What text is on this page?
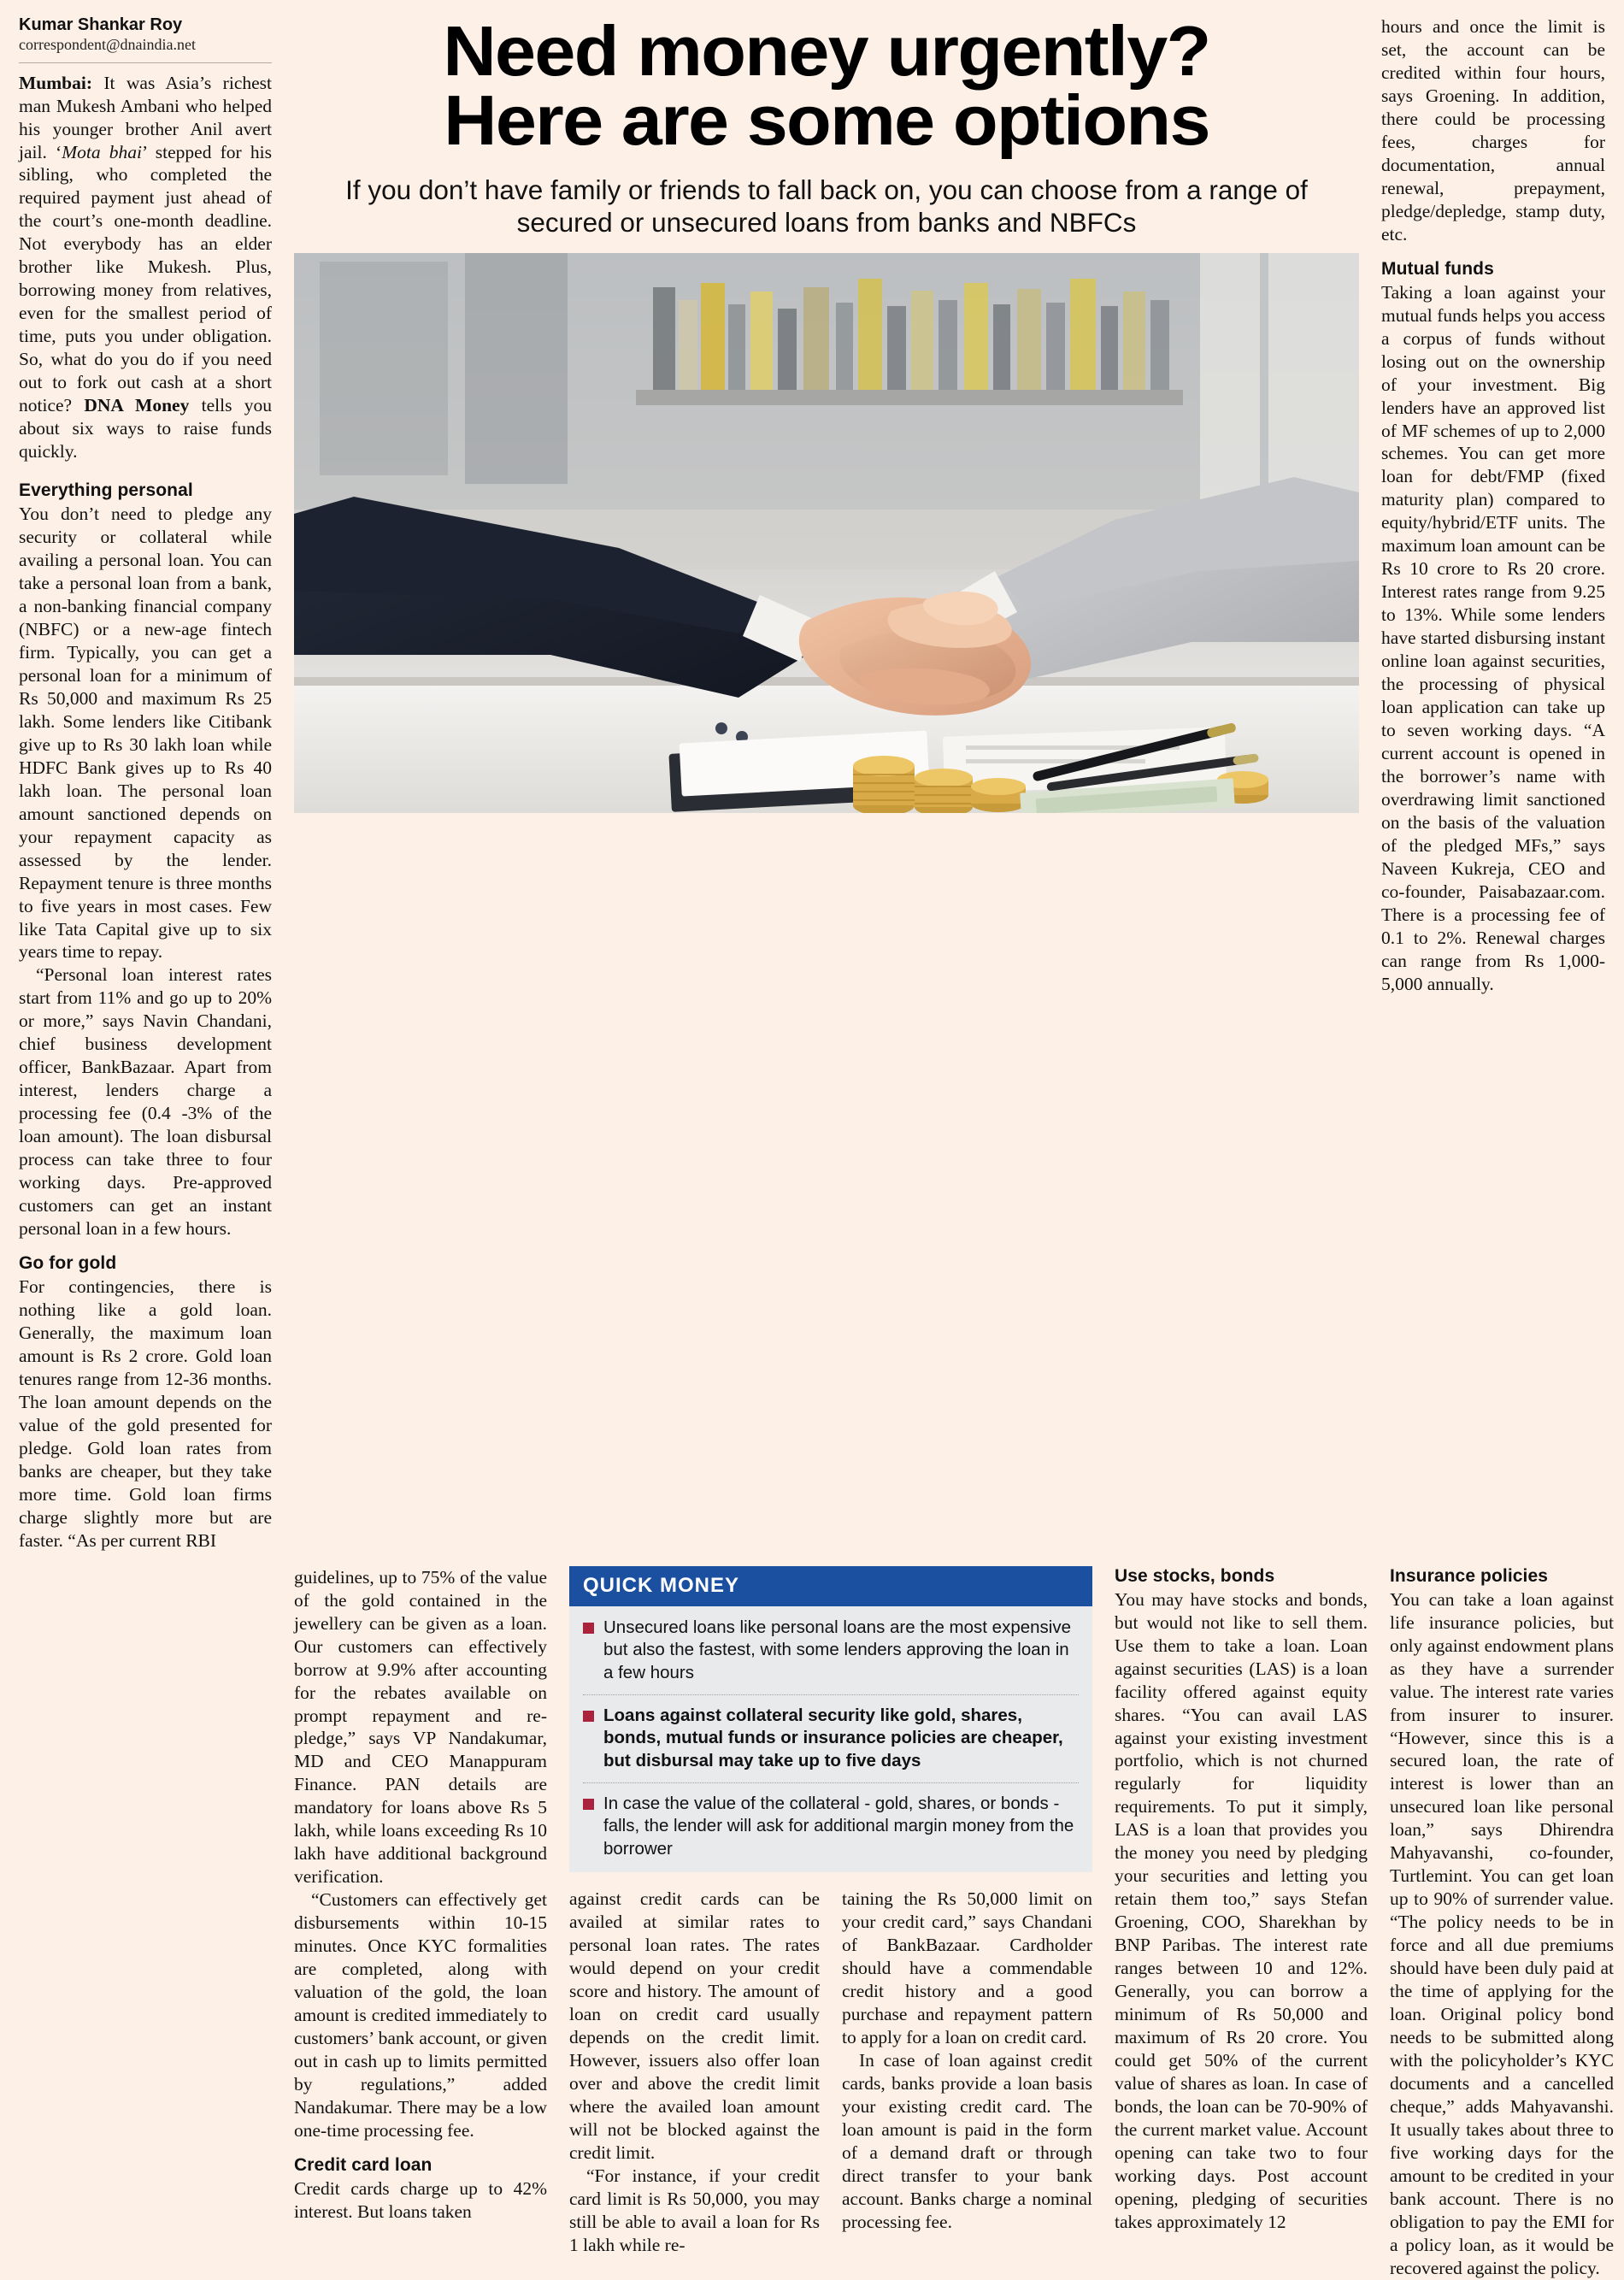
Kumar Shankar Roy
correspondent@dnaindia.net

Mumbai: It was Asia’s richest man Mukesh Ambani who helped his younger brother Anil avert jail. ‘Mota bhai’ stepped for his sibling, who completed the required payment just ahead of the court’s one-month deadline. Not everybody has an elder brother like Mukesh. Plus, borrowing money from relatives, even for the smallest period of time, puts you under obligation. So, what do you do if you need out to fork out cash at a short notice? DNA Money tells you about six ways to raise funds quickly.

Everything personal

You don’t need to pledge any security or collateral while availing a personal loan. You can take a personal loan from a bank, a non-banking financial company (NBFC) or a new-age fintech firm. Typically, you can get a personal loan for a minimum of Rs 50,000 and maximum Rs 25 lakh. Some lenders like Citibank give up to Rs 30 lakh loan while HDFC Bank gives up to Rs 40 lakh loan. The personal loan amount sanctioned depends on your repayment capacity as assessed by the lender. Repayment tenure is three months to five years in most cases. Few like Tata Capital give up to six years time to repay.

“Personal loan interest rates start from 11% and go up to 20% or more,” says Navin Chandani, chief business development officer, BankBazaar. Apart from interest, lenders charge a processing fee (0.4 -3% of the loan amount). The loan disbursal process can take three to four working days. Pre-approved customers can get an instant personal loan in a few hours.

Go for gold

For contingencies, there is nothing like a gold loan. Generally, the maximum loan amount is Rs 2 crore. Gold loan tenures range from 12-36 months. The loan amount depends on the value of the gold presented for pledge. Gold loan rates from banks are cheaper, but they take more time. Gold loan firms charge slightly more but are faster. “As per current RBI

Need money urgently?
Here are some options
If you don’t have family or friends to fall back on, you can choose from a range of secured or unsecured loans from banks and NBFCs

hours and once the limit is set, the account can be credited within four hours, says Groening. In addition, there could be processing fees, charges for documentation, annual renewal, prepayment, pledge/depledge, stamp duty, etc.

Mutual funds

Taking a loan against your mutual funds helps you access a corpus of funds without losing out on the ownership of your investment. Big lenders have an approved list of MF schemes of up to 2,000 schemes. You can get more loan for debt/FMP (fixed maturity plan) compared to equity/hybrid/ETF units. The maximum loan amount can be Rs 10 crore to Rs 20 crore. Interest rates range from 9.25 to 13%. While some lenders have started disbursing instant online loan against securities, the processing of physical loan application can take up to seven working days. “A current account is opened in the borrower’s name with overdrawing limit sanctioned on the basis of the valuation of the pledged MFs,” says Naveen Kukreja, CEO and co-founder, Paisabazaar.com. There is a processing fee of 0.1 to 2%. Renewal charges can range from Rs 1,000-5,000 annually.

guidelines, up to 75% of the value of the gold contained in the jewellery can be given as a loan. Our customers can effectively borrow at 9.9% after accounting for the rebates available on prompt repayment and re-pledge,” says VP Nandakumar, MD and CEO Manappuram Finance. PAN details are mandatory for loans above Rs 5 lakh, while loans exceeding Rs 10 lakh have additional background verification.

“Customers can effectively get disbursements within 10-15 minutes. Once KYC formalities are completed, along with valuation of the gold, the loan amount is credited immediately to customers’ bank account, or given out in cash up to limits permitted by regulations,” added Nandakumar. There may be a low one-time processing fee.

Credit card loan

Credit cards charge up to 42% interest. But loans taken

QUICK MONEY
Unsecured loans like personal loans are the most expensive but also the fastest, with some lenders approving the loan in a few hours
Loans against collateral security like gold, shares, bonds, mutual funds or insurance policies are cheaper, but disbursal may take up to five days
In case the value of the collateral - gold, shares, or bonds - falls, the lender will ask for additional margin money from the borrower

against credit cards can be availed at similar rates to personal loan rates. The rates would depend on your credit score and history. The amount of loan on credit card usually depends on the credit limit. However, issuers also offer loan over and above the credit limit where the availed loan amount will not be blocked against the credit limit.

“For instance, if your credit card limit is Rs 50,000, you may still be able to avail a loan for Rs 1 lakh while re-

taining the Rs 50,000 limit on your credit card,” says Chandani of BankBazaar. Cardholder should have a commendable credit history and a good purchase and repayment pattern to apply for a loan on credit card.

In case of loan against credit cards, banks provide a loan basis your existing credit card. The loan amount is paid in the form of a demand draft or through direct transfer to your bank account. Banks charge a nominal processing fee.

Use stocks, bonds

You may have stocks and bonds, but would not like to sell them. Use them to take a loan. Loan against securities (LAS) is a loan facility offered against equity shares. “You can avail LAS against your existing investment portfolio, which is not churned regularly for liquidity requirements. To put it simply, LAS is a loan that provides you the money you need by pledging your securities and letting you retain them too,” says Stefan Groening, COO, Sharekhan by BNP Paribas. The interest rate ranges between 10 and 12%. Generally, you can borrow a minimum of Rs 50,000 and maximum of Rs 20 crore. You could get 50% of the current value of shares as loan. In case of bonds, the loan can be 70-90% of the current market value. Account opening can take two to four working days. Post account opening, pledging of securities takes approximately 12

Insurance policies

You can take a loan against life insurance policies, but only against endowment plans as they have a surrender value. The interest rate varies from insurer to insurer. “However, since this is a secured loan, the rate of interest is lower than an unsecured loan like personal loan,” says Dhirendra Mahyavanshi, co-founder, Turtlemint. You can get loan up to 90% of surrender value. “The policy needs to be in force and all due premiums should have been duly paid at the time of applying for the loan. Original policy bond needs to be submitted along with the policyholder’s KYC documents and a cancelled cheque,” adds Mahyavanshi. It usually takes about three to five working days for the amount to be credited in your bank account. There is no obligation to pay the EMI for a policy loan, as it would be recovered against the policy.
